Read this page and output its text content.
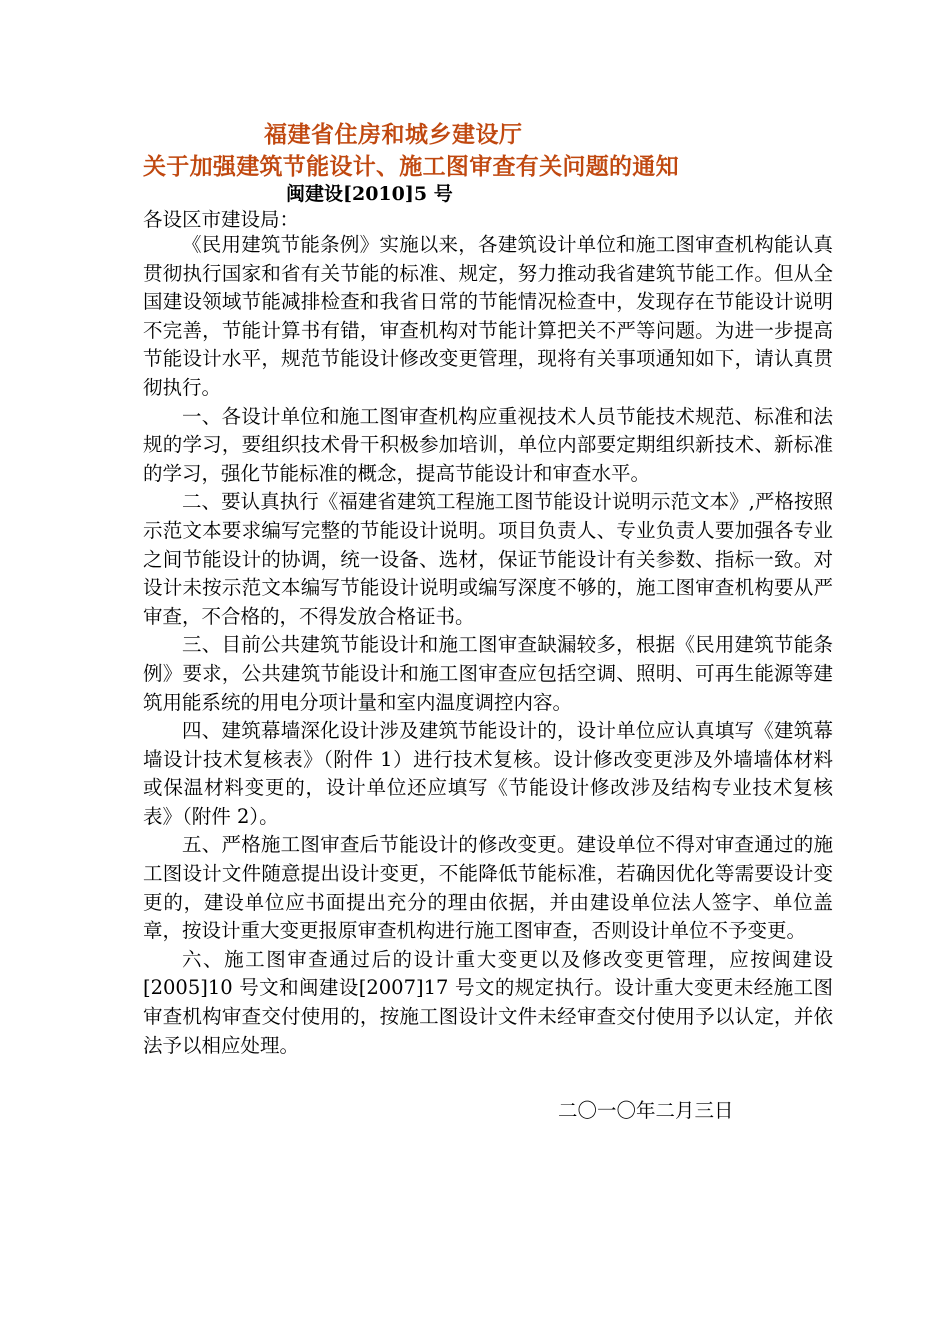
福建省住房和城乡建设厅
关于加强建筑节能设计、施工图审查有关问题的通知
闽建设[2010]5 号
各设区市建设局：

《民用建筑节能条例》实施以来，各建筑设计单位和施工图审查机构能认真贯彻执行国家和省有关节能的标准、规定，努力推动我省建筑节能工作。但从全国建设领域节能减排检查和我省日常的节能情况检查中，发现存在节能设计说明不完善，节能计算书有错，审查机构对节能计算把关不严等问题。为进一步提高节能设计水平，规范节能设计修改变更管理，现将有关事项通知如下，请认真贯彻执行。

一、各设计单位和施工图审查机构应重视技术人员节能技术规范、标准和法规的学习，要组织技术骨干积极参加培训，单位内部要定期组织新技术、新标准的学习，强化节能标准的概念，提高节能设计和审查水平。

二、要认真执行《福建省建筑工程施工图节能设计说明示范文本》,严格按照示范文本要求编写完整的节能设计说明。项目负责人、专业负责人要加强各专业之间节能设计的协调，统一设备、选材，保证节能设计有关参数、指标一致。对设计未按示范文本编写节能设计说明或编写深度不够的，施工图审查机构要从严审查，不合格的，不得发放合格证书。

三、目前公共建筑节能设计和施工图审查缺漏较多，根据《民用建筑节能条例》要求，公共建筑节能设计和施工图审查应包括空调、照明、可再生能源等建筑用能系统的用电分项计量和室内温度调控内容。

四、建筑幕墙深化设计涉及建筑节能设计的，设计单位应认真填写《建筑幕墙设计技术复核表》（附件 1）进行技术复核。设计修改变更涉及外墙墙体材料或保温材料变更的，设计单位还应填写《节能设计修改涉及结构专业技术复核表》（附件 2）。

五、严格施工图审查后节能设计的修改变更。建设单位不得对审查通过的施工图设计文件随意提出设计变更，不能降低节能标准，若确因优化等需要设计变更的，建设单位应书面提出充分的理由依据，并由建设单位法人签字、单位盖章，按设计重大变更报原审查机构进行施工图审查，否则设计单位不予变更。

六、施工图审查通过后的设计重大变更以及修改变更管理，应按闽建设[2005]10 号文和闽建设[2007]17 号文的规定执行。设计重大变更未经施工图审查机构审查交付使用的，按施工图设计文件未经审查交付使用予以认定，并依法予以相应处理。

二〇一〇年二月三日
